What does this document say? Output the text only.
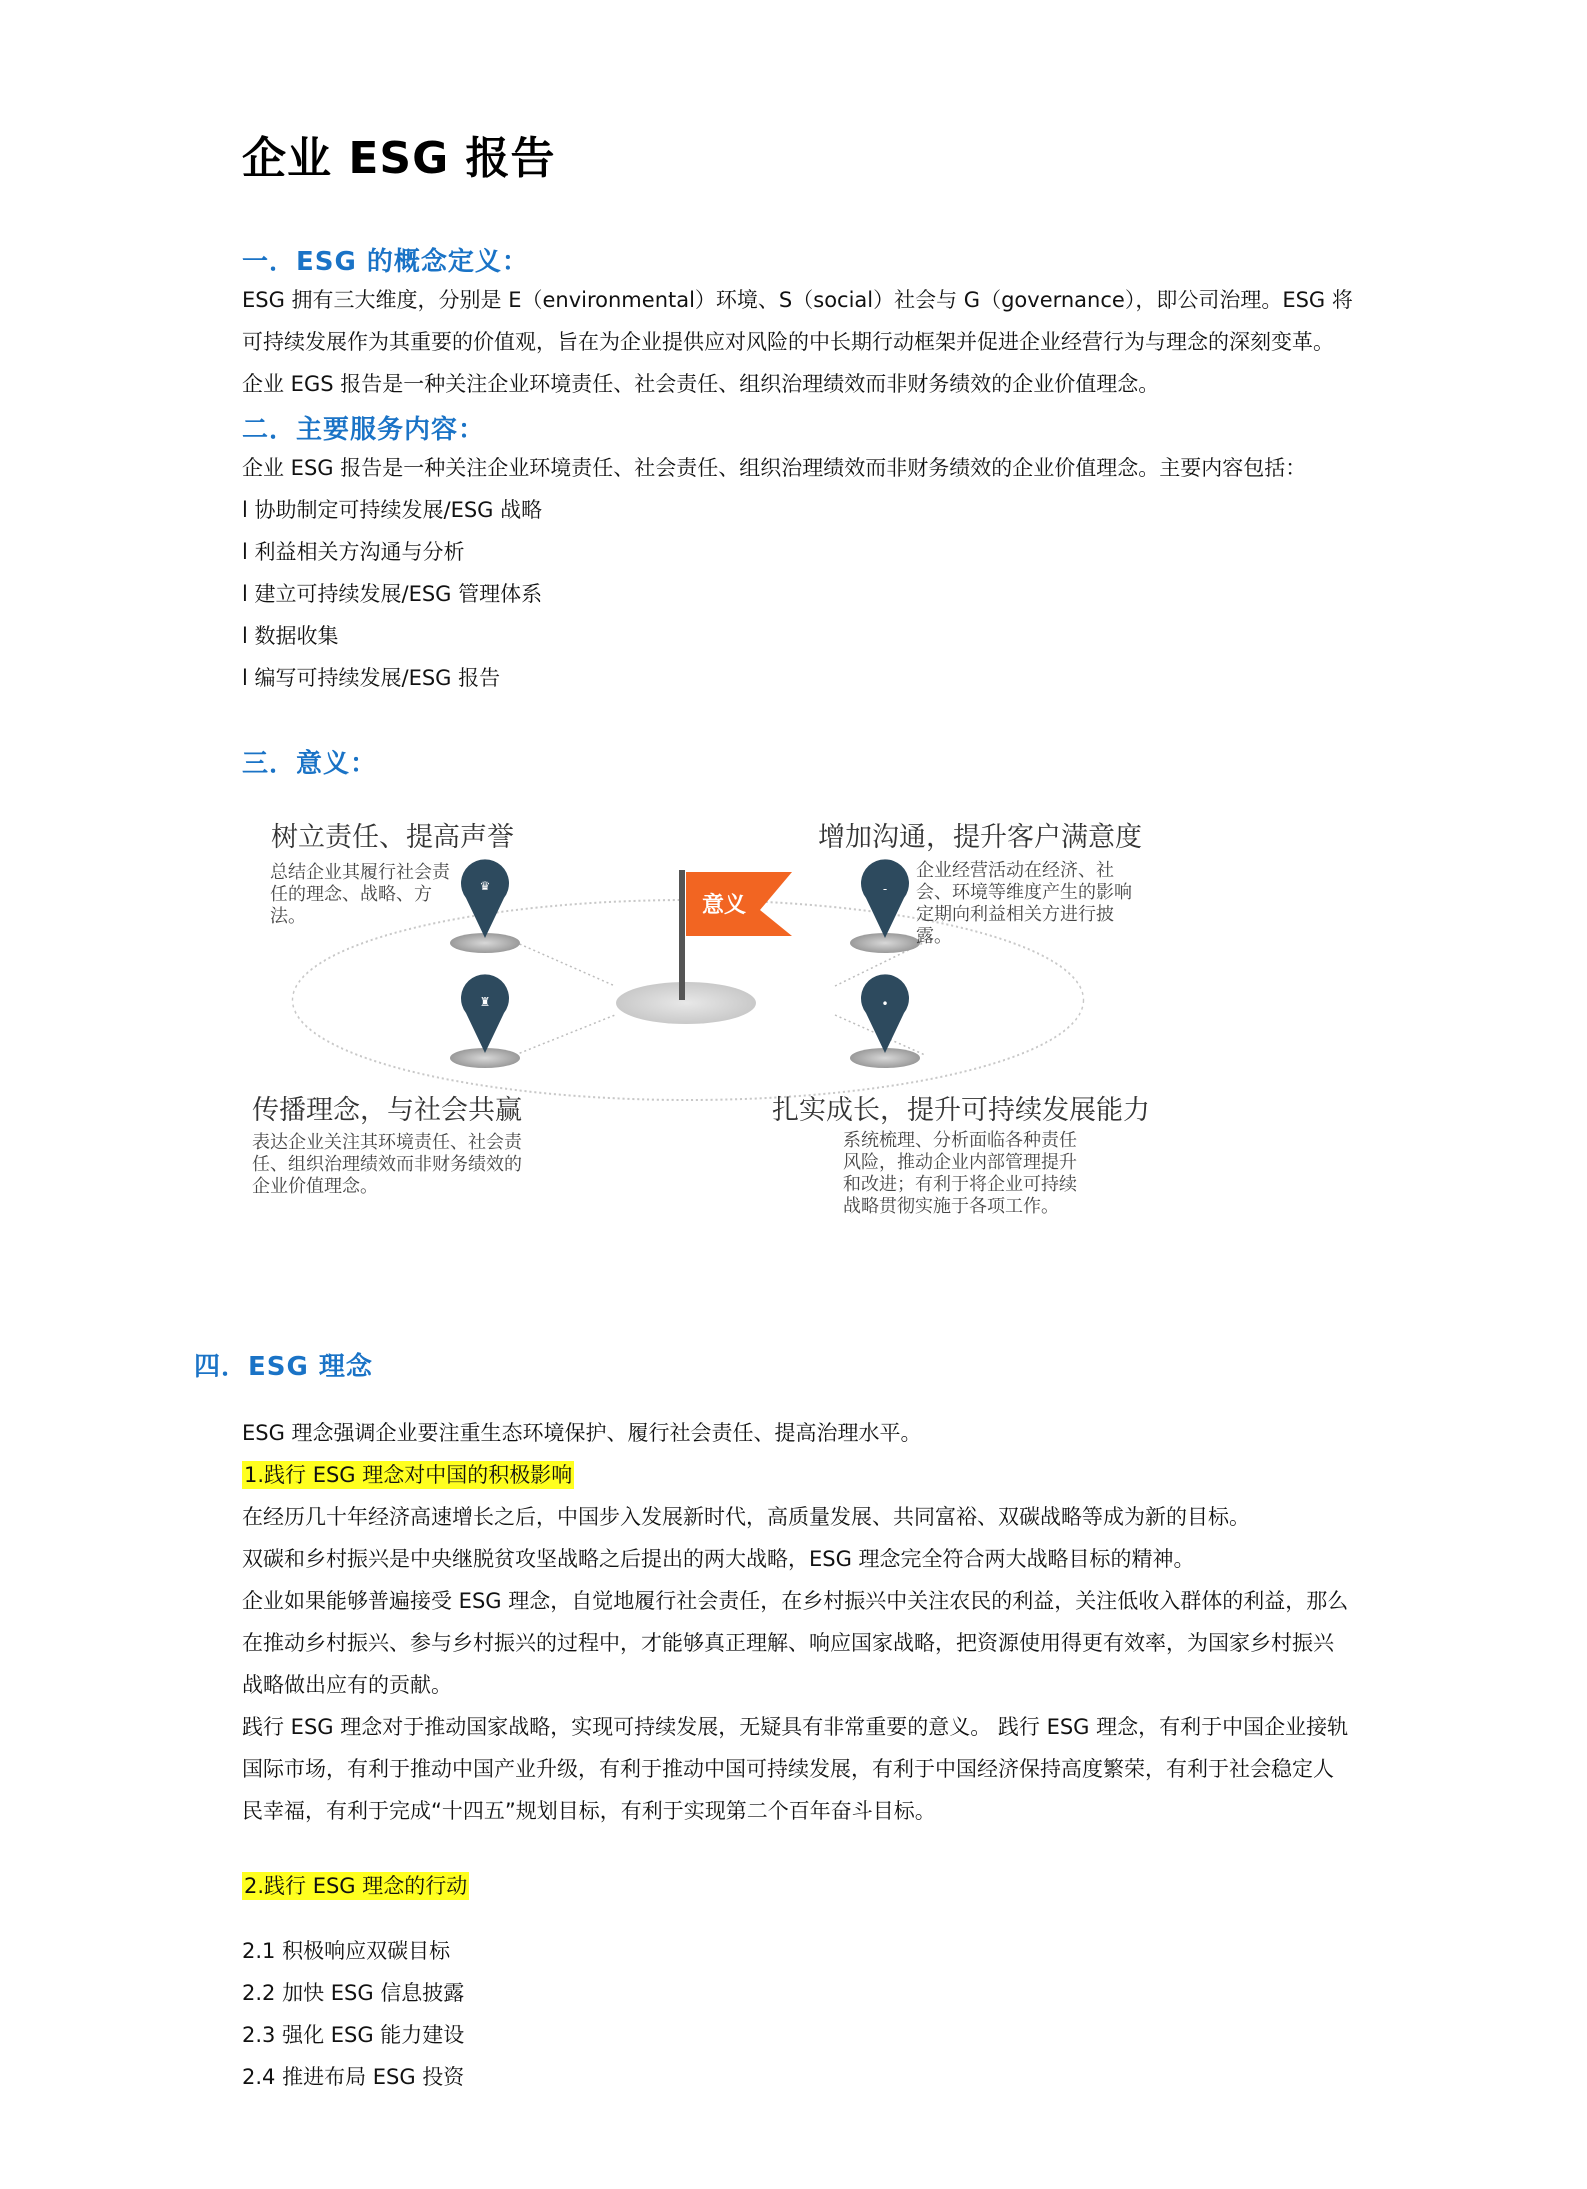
企业 ESG 报告
一．ESG 的概念定义：
ESG 拥有三大维度，分别是 E（environmental）环境、S（social）社会与 G（governance），即公司治理。ESG 将
可持续发展作为其重要的价值观，旨在为企业提供应对风险的中长期行动框架并促进企业经营行为与理念的深刻变革。
企业 EGS 报告是一种关注企业环境责任、社会责任、组织治理绩效而非财务绩效的企业价值理念。
二．主要服务内容：
企业 ESG 报告是一种关注企业环境责任、社会责任、组织治理绩效而非财务绩效的企业价值理念。主要内容包括：
l 协助制定可持续发展/ESG 战略
l 利益相关方沟通与分析
l 建立可持续发展/ESG 管理体系
l 数据收集
l 编写可持续发展/ESG 报告
三．意义：
意义
♛	-
♜	•
树立责任、提高声誉
总结企业其履行社会责任的理念、战略、方法。
增加沟通，提升客户满意度
企业经营活动在经济、社会、环境等维度产生的影响定期向利益相关方进行披露。
传播理念，与社会共赢
表达企业关注其环境责任、社会责任、组织治理绩效而非财务绩效的企业价值理念。
扎实成长，提升可持续发展能力
系统梳理、分析面临各种责任风险，推动企业内部管理提升和改进；有利于将企业可持续战略贯彻实施于各项工作。
四．ESG 理念
ESG 理念强调企业要注重生态环境保护、履行社会责任、提高治理水平。
1.践行 ESG 理念对中国的积极影响
在经历几十年经济高速增长之后，中国步入发展新时代，高质量发展、共同富裕、双碳战略等成为新的目标。
双碳和乡村振兴是中央继脱贫攻坚战略之后提出的两大战略，ESG 理念完全符合两大战略目标的精神。
企业如果能够普遍接受 ESG 理念，自觉地履行社会责任，在乡村振兴中关注农民的利益，关注低收入群体的利益，那么
在推动乡村振兴、参与乡村振兴的过程中，才能够真正理解、响应国家战略，把资源使用得更有效率，为国家乡村振兴
战略做出应有的贡献。
践行 ESG 理念对于推动国家战略，实现可持续发展，无疑具有非常重要的意义。 践行 ESG 理念，有利于中国企业接轨
国际市场，有利于推动中国产业升级，有利于推动中国可持续发展，有利于中国经济保持高度繁荣，有利于社会稳定人
民幸福，有利于完成“十四五”规划目标，有利于实现第二个百年奋斗目标。
2.践行 ESG 理念的行动
2.1 积极响应双碳目标
2.2 加快 ESG 信息披露
2.3 强化 ESG 能力建设
2.4 推进布局 ESG 投资
